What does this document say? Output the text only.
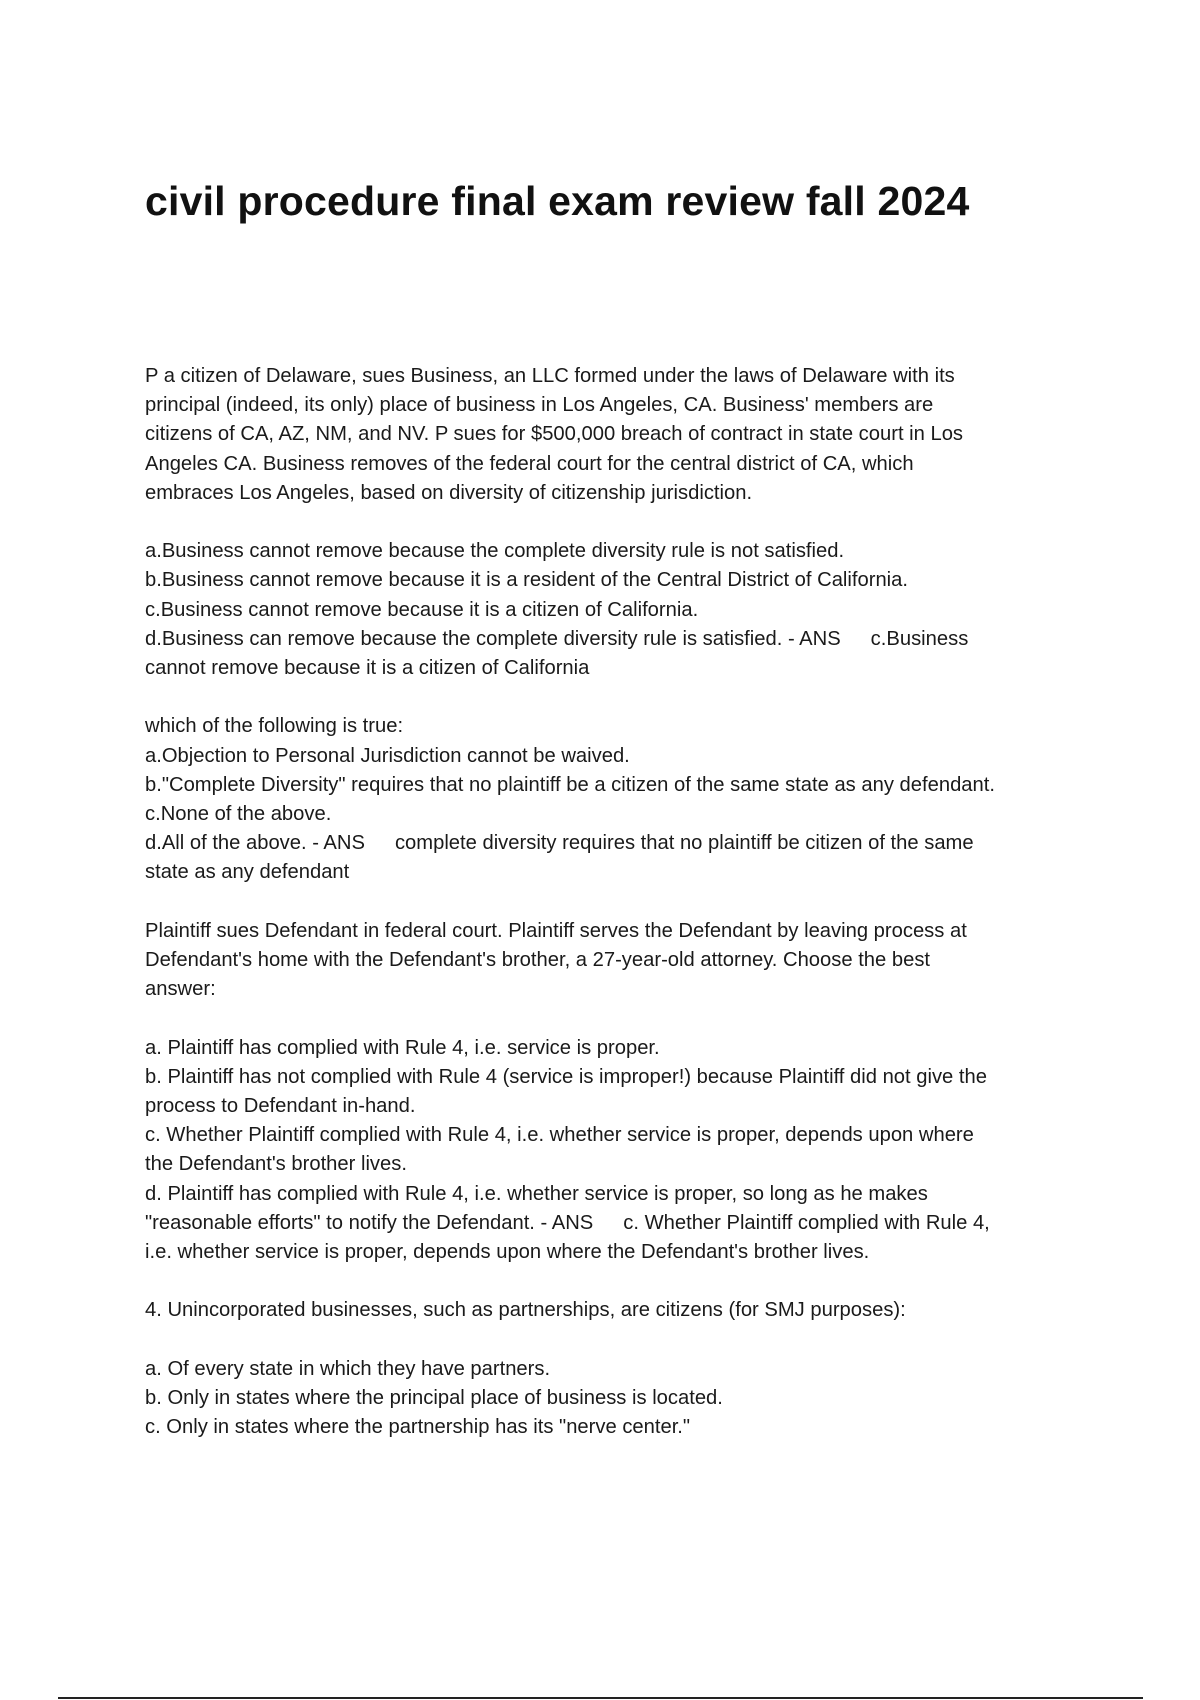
civil procedure final exam review fall 2024
P a citizen of Delaware, sues Business, an LLC formed under the laws of Delaware with its
principal (indeed, its only) place of business in Los Angeles, CA. Business' members are
citizens of CA, AZ, NM, and NV. P sues for $500,000 breach of contract in state court in Los
Angeles CA. Business removes of the federal court for the central district of CA, which
embraces Los Angeles, based on diversity of citizenship jurisdiction.
a.Business cannot remove because the complete diversity rule is not satisfied.
b.Business cannot remove because it is a resident of the Central District of California.
c.Business cannot remove because it is a citizen of California.
d.Business can remove because the complete diversity rule is satisfied. - ANS c.Business
cannot remove because it is a citizen of California
which of the following is true:
a.Objection to Personal Jurisdiction cannot be waived.
b."Complete Diversity" requires that no plaintiff be a citizen of the same state as any defendant.
c.None of the above.
d.All of the above. - ANS complete diversity requires that no plaintiff be citizen of the same
state as any defendant
Plaintiff sues Defendant in federal court. Plaintiff serves the Defendant by leaving process at
Defendant's home with the Defendant's brother, a 27-year-old attorney. Choose the best
answer:
a. Plaintiff has complied with Rule 4, i.e. service is proper.
b. Plaintiff has not complied with Rule 4 (service is improper!) because Plaintiff did not give the
process to Defendant in-hand.
c. Whether Plaintiff complied with Rule 4, i.e. whether service is proper, depends upon where
the Defendant's brother lives.
d. Plaintiff has complied with Rule 4, i.e. whether service is proper, so long as he makes
"reasonable efforts" to notify the Defendant. - ANS c. Whether Plaintiff complied with Rule 4,
i.e. whether service is proper, depends upon where the Defendant's brother lives.
4. Unincorporated businesses, such as partnerships, are citizens (for SMJ purposes):
a. Of every state in which they have partners.
b. Only in states where the principal place of business is located.
c. Only in states where the partnership has its "nerve center."
